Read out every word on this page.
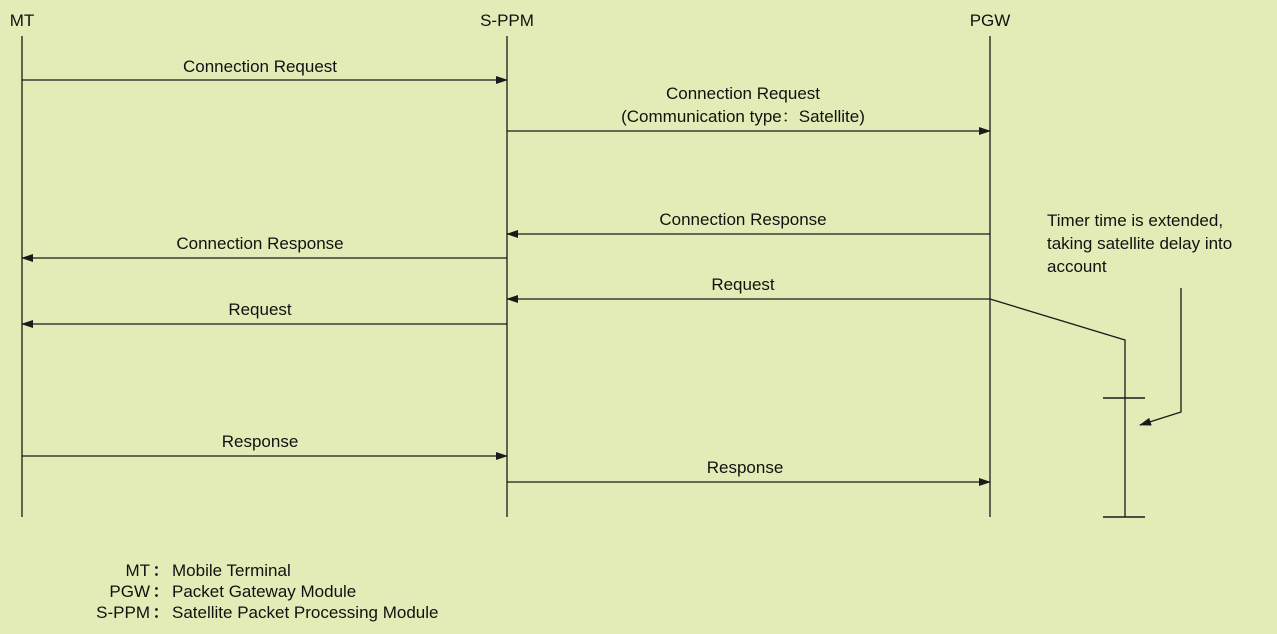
MT	S-PPM	PGW
Connection Request
Connection Request
(Communication type：Satellite)
Connection Response
Connection Response
Request
Request
Response
Response
Timer time is extended,
taking satellite delay into
account
MT ： Mobile Terminal
PGW ： Packet Gateway Module
S-PPM ： Satellite Packet Processing Module
